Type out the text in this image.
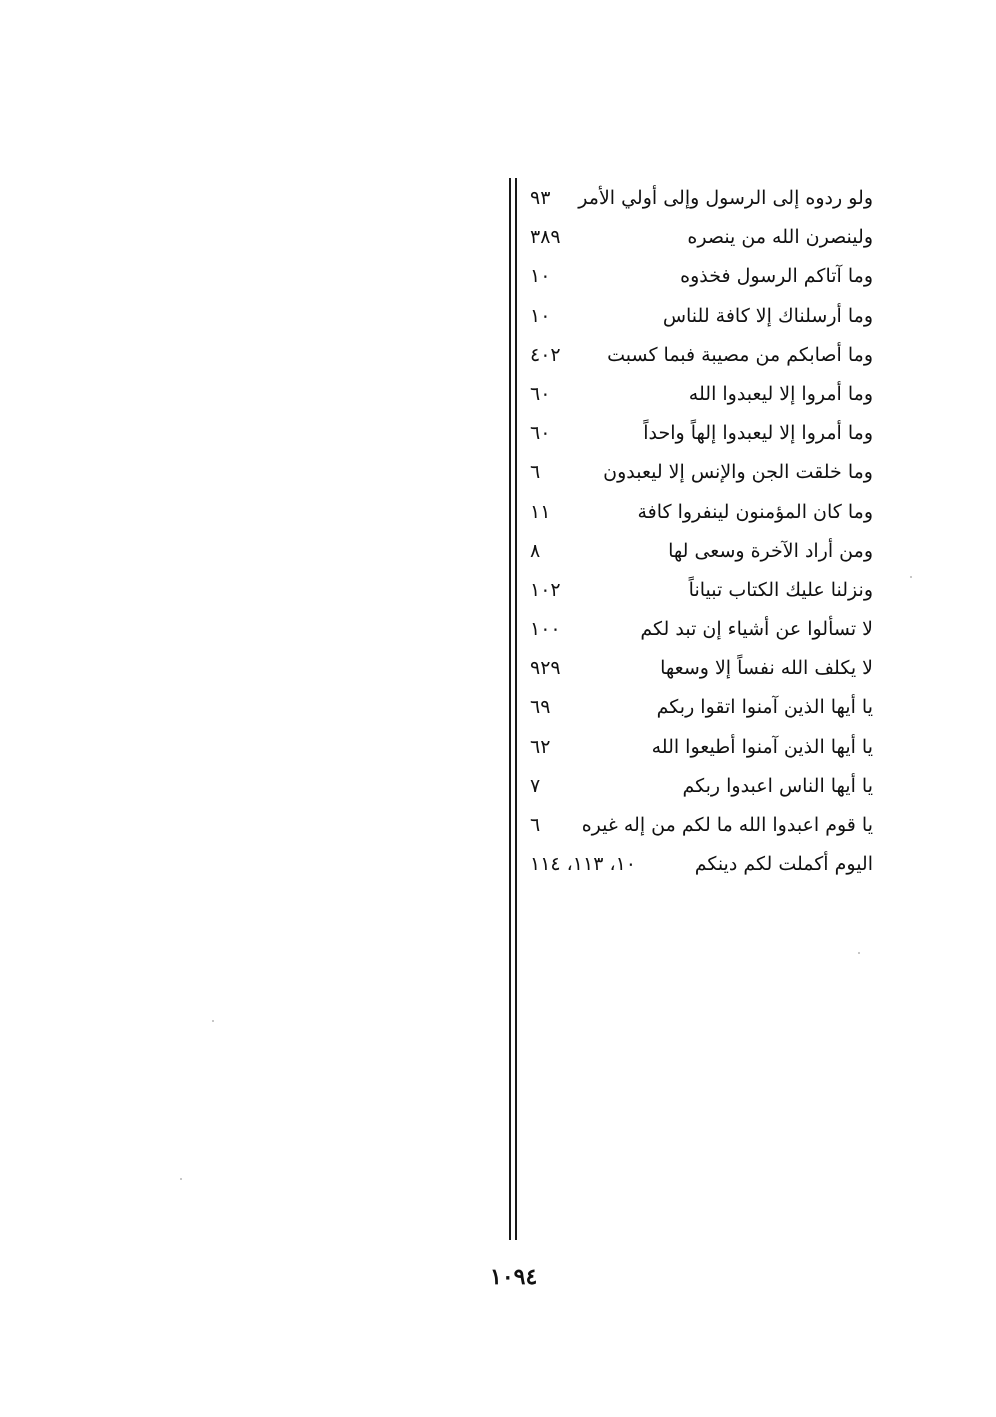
ولو ردوه إلى الرسول وإلى أولي الأمر
٩٣
ولينصرن الله من ينصره
٣٨٩
وما آتاكم الرسول فخذوه
١٠
وما أرسلناك إلا كافة للناس
١٠
وما أصابكم من مصيبة فبما كسبت
٤٠٢
وما أمروا إلا ليعبدوا الله
٦٠
وما أمروا إلا ليعبدوا إلهاً واحداً
٦٠
وما خلقت الجن والإنس إلا ليعبدون
٦
وما كان المؤمنون لينفروا كافة
١١
ومن أراد الآخرة وسعى لها
٨
ونزلنا عليك الكتاب تبياناً
١٠٢
لا تسألوا عن أشياء إن تبد لكم
١٠٠
لا يكلف الله نفساً إلا وسعها
٩٢٩
يا أيها الذين آمنوا اتقوا ربكم
٦٩
يا أيها الذين آمنوا أطيعوا الله
٦٢
يا أيها الناس اعبدوا ربكم
٧
يا قوم اعبدوا الله ما لكم من إله غيره
٦
اليوم أكملت لكم دينكم
١٠، ١١٣، ١١٤
١٠٩٤
